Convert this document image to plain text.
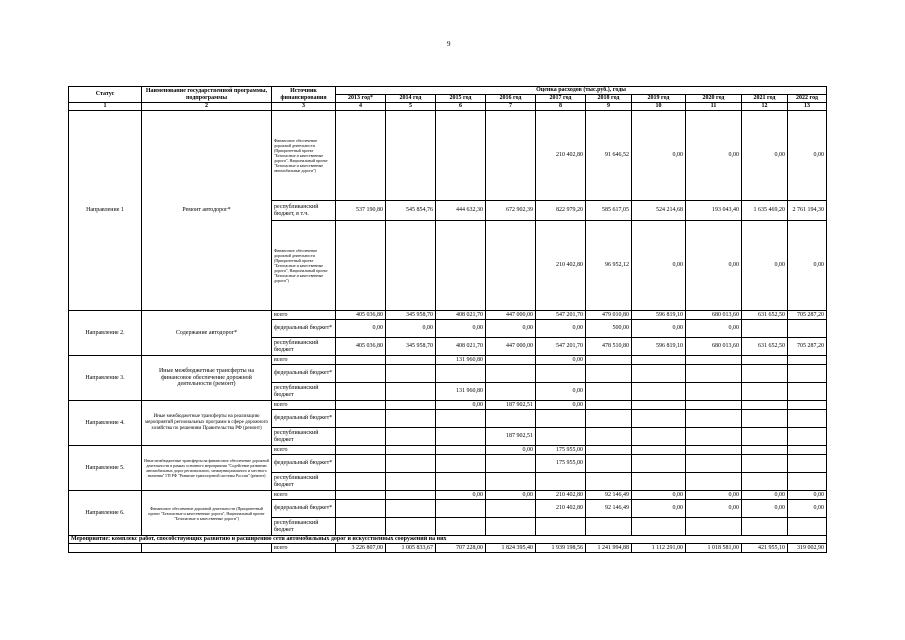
9
Статус	Наименование государственной программы, подпрограммы	Источник финансирования	Оценка расходов (тыс.руб.), годы									
			2013 год*	2014 год	2015 год	2016 год	2017 год	2018 год	2019 год	2020 год	2021 год	2022 год
1	2	3	4	5	6	7	8	9	10	11	12	13
Направление 1	Ремонт автодорог*	Финансовое обеспечение дорожной деятельности (Приоритетный проект "Безопасные и качественные дороги", Национальный проект "Безопасные и качественные автомобильные дороги")					210 402,80	91 646,52	0,00	0,00	0,00	0,00
		республиканский бюджет, в т.ч.	537 190,80	545 854,76	444 632,30	672 902,39	822 979,20	585 617,05	524 214,68	193 043,40	1 635 469,20	2 761 194,30
		Финансовое обеспечение дорожной деятельности (Приоритетный проект "Безопасные и качественные дороги", Национальный проект "Безопасные и качественные дороги")					210 402,80	96 952,12	0,00	0,00	0,00	0,00
Направление 2.	Содержание автодорог*	всего	405 036,80	345 958,70	408 021,70	447 000,00	547 201,70	479 010,80	596 819,10	680 013,60	631 652,50	705 287,20
		федеральный бюджет*	0,00	0,00	0,00	0,00	0,00	500,00	0,00	0,00		
		республиканский бюджет	405 036,80	345 958,70	408 021,70	447 000,00	547 201,70	478 510,80	596 819,10	680 013,60	631 652,50	705 287,20
Направление 3.	Иные межбюджетные трансферты на финансовое обеспечение дорожной деятельности (ремонт)	всего			131 960,80		0,00					
		федеральный бюджет*										
		республиканский бюджет			131 960,80		0,00					
Направление 4.	Иные межбюджетные трансферты на реализацию мероприятий региональных программ в сфере дорожного хозяйства по решениям Правительства РФ (ремонт)	всего			0,00	187 902,51	0,00					
		федеральный бюджет*										
		республиканский бюджет				187 902,51						
Направление 5.	Иные межбюджетные трансферты на финансовое обеспечение дорожной деятельности в рамках основного мероприятия "Содействие развитию автомобильных дорог регионального, межмуниципального и местного значения" ГП РФ "Развитие транспортной системы России" (ремонт)	всего				0,00	175 955,00					
		федеральный бюджет*					175 955,00					
		республиканский бюджет										
Направление 6.	Финансовое обеспечение дорожной деятельности (Приоритетный проект "Безопасные и качественные дороги", Национальный проект "Безопасные и качественные дороги")	всего			0,00	0,00	210 402,80	92 146,49	0,00	0,00	0,00	0,00
		федеральный бюджет*					210 402,80	92 146,49	0,00	0,00	0,00	0,00
		республиканский бюджет										
Мероприятие: комплекс работ, способствующих развитию и расширению сети автомобильных дорог и искусственных сооружений на них												
		всего	3 226 807,00	1 005 833,67	707 228,00	1 824 395,40	1 939 198,56	1 241 994,88	1 112 291,00	1 018 581,00	421 955,10	319 002,90
